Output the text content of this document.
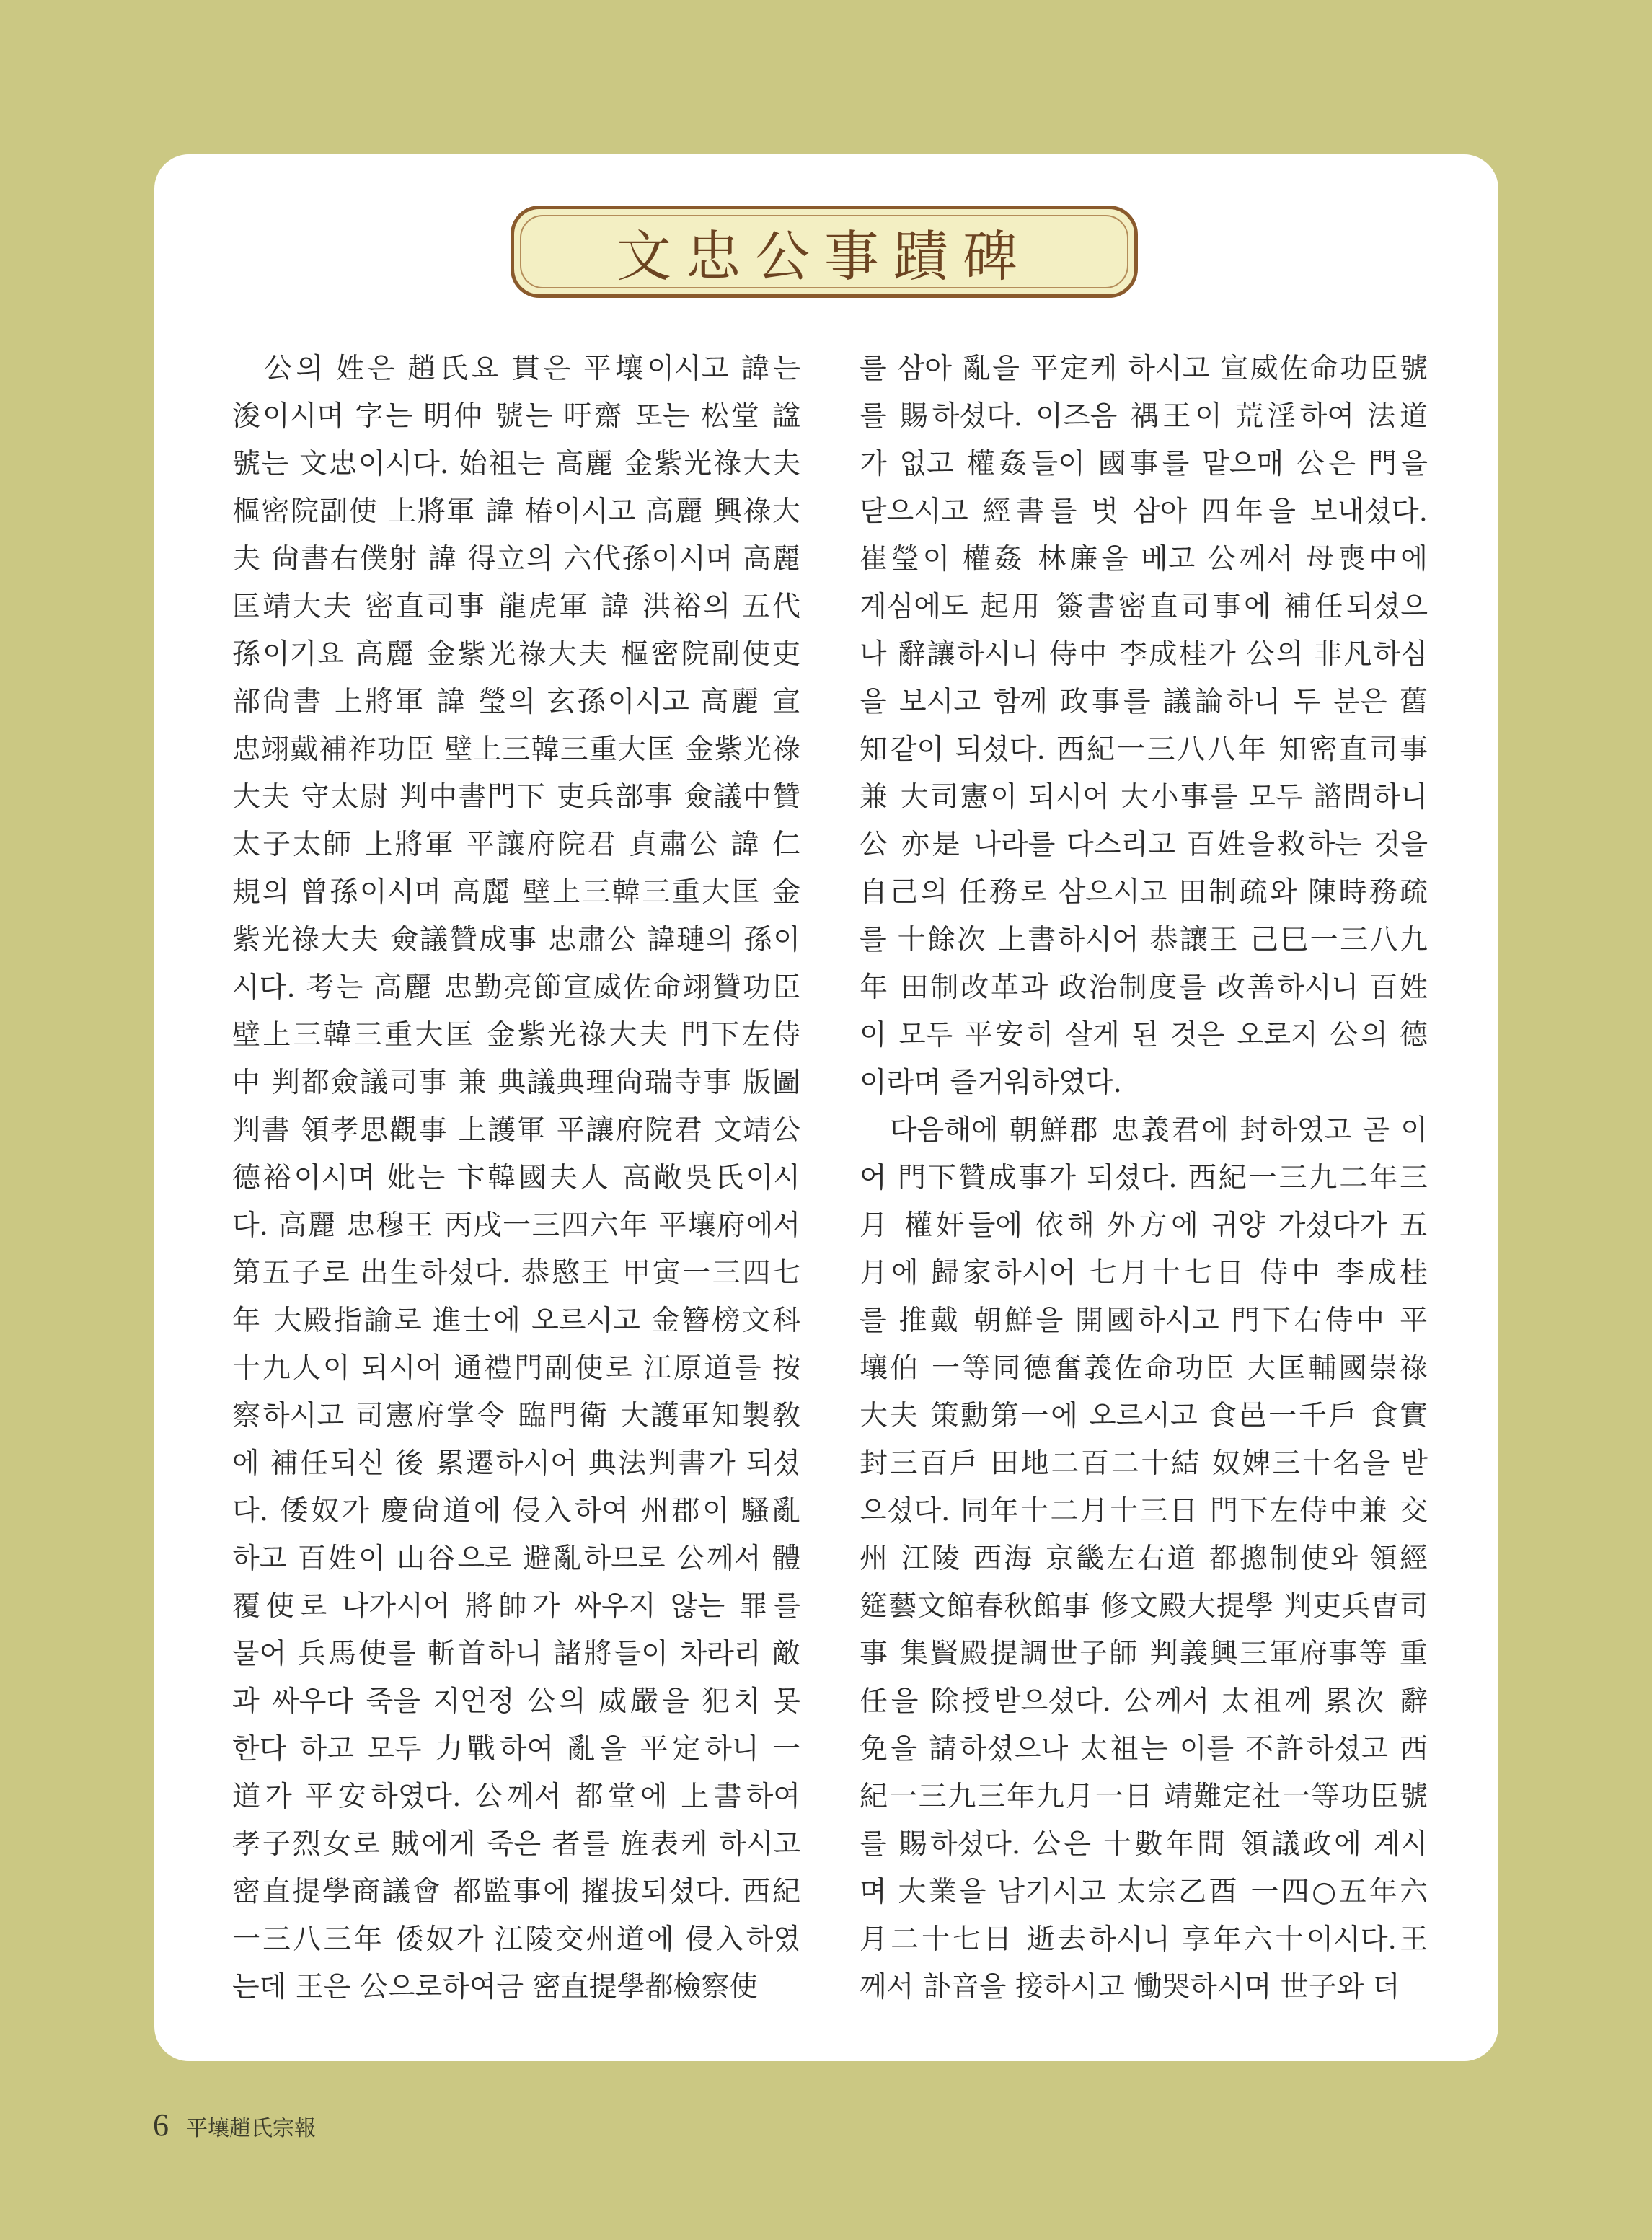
文忠公事蹟碑
　公의 姓은 趙氏요 貫은 平壤이시고 諱는
浚이시며 字는 明仲 號는 吁齋 또는 松堂 諡
號는 文忠이시다. 始祖는 高麗 金紫光祿大夫
樞密院副使 上將軍 諱 椿이시고 高麗 興祿大
夫 尙書右僕射 諱 得立의 六代孫이시며 高麗
匡靖大夫 密直司事 龍虎軍 諱 洪裕의 五代
孫이기요 高麗 金紫光祿大夫 樞密院副使吏
部尙書 上將軍 諱 瑩의 玄孫이시고 高麗 宣
忠翊戴補祚功臣 壁上三韓三重大匡 金紫光祿
大夫 守太尉 判中書門下 吏兵部事 僉議中贊
太子太師 上將軍 平讓府院君 貞肅公 諱 仁
規의 曾孫이시며 高麗 壁上三韓三重大匡 金
紫光祿大夫 僉議贊成事 忠肅公 諱璉의 孫이
시다. 考는 高麗 忠勤亮節宣威佐命翊贊功臣
壁上三韓三重大匡 金紫光祿大夫 門下左侍
中 判都僉議司事 兼 典議典理尙瑞寺事 版圖
判書 領孝思觀事 上護軍 平讓府院君 文靖公
德裕이시며 妣는 卞韓國夫人 高敞吳氏이시
다. 高麗 忠穆王 丙戌一三四六年 平壤府에서
第五子로 出生하셨다. 恭愍王 甲寅一三四七
年 大殿指諭로 進士에 오르시고 金簪榜文科
十九人이 되시어 通禮門副使로 江原道를 按
察하시고 司憲府掌令 臨門衛 大護軍知製敎
에 補任되신 後 累遷하시어 典法判書가 되셨
다. 倭奴가 慶尙道에 侵入하여 州郡이 騷亂
하고 百姓이 山谷으로 避亂하므로 公께서 體
覆使로 나가시어 將帥가 싸우지 않는 罪를
물어 兵馬使를 斬首하니 諸將들이 차라리 敵
과 싸우다 죽을 지언정 公의 威嚴을 犯치 못
한다 하고 모두 力戰하여 亂을 平定하니 一
道가 平安하였다. 公께서 都堂에 上書하여
孝子烈女로 賊에게 죽은 者를 旌表케 하시고
密直提學商議會 都監事에 擢拔되셨다. 西紀
一三八三年 倭奴가 江陵交州道에 侵入하였
는데 王은 公으로하여금 密直提學都檢察使
를 삼아 亂을 平定케 하시고 宣威佐命功臣號
를 賜하셨다. 이즈음 禑王이 荒淫하여 法道
가 없고 權姦들이 國事를 맡으매 公은 門을
닫으시고 經書를 벗 삼아 四年을 보내셨다.
崔瑩이 權姦 林廉을 베고 公께서 母喪中에
계심에도 起用 簽書密直司事에 補任되셨으
나 辭讓하시니 侍中 李成桂가 公의 非凡하심
을 보시고 함께 政事를 議論하니 두 분은 舊
知같이 되셨다. 西紀一三八八年 知密直司事
兼 大司憲이 되시어 大小事를 모두 諮問하니
公 亦是 나라를 다스리고 百姓을救하는 것을
自己의 任務로 삼으시고 田制疏와 陳時務疏
를 十餘次 上書하시어 恭讓王 己巳一三八九
年 田制改革과 政治制度를 改善하시니 百姓
이 모두 平安히 살게 된 것은 오로지 公의 德
이라며 즐거워하였다.
　다음해에 朝鮮郡 忠義君에 封하였고 곧 이
어 門下贊成事가 되셨다. 西紀一三九二年三
月 權奸들에 依해 外方에 귀양 가셨다가 五
月에 歸家하시어 七月十七日 侍中 李成桂
를 推戴 朝鮮을 開國하시고 門下右侍中 平
壤伯 一等同德奮義佐命功臣 大匡輔國崇祿
大夫 策勳第一에 오르시고 食邑一千戶 食實
封三百戶 田地二百二十結 奴婢三十名을 받
으셨다. 同年十二月十三日 門下左侍中兼 交
州 江陵 西海 京畿左右道 都摠制使와 領經
筵藝文館春秋館事 修文殿大提學 判吏兵曺司
事 集賢殿提調世子師 判義興三軍府事等 重
任을 除授받으셨다. 公께서 太祖께 累次 辭
免을 請하셨으나 太祖는 이를 不許하셨고 西
紀一三九三年九月一日 靖難定社一等功臣號
를 賜하셨다. 公은 十數年間 領議政에 계시
며 大業을 남기시고 太宗乙酉 一四○五年六
月二十七日 逝去하시니 享年六十이시다.王
께서 訃音을 接하시고 慟哭하시며 世子와 더
6 平壤趙氏宗報
